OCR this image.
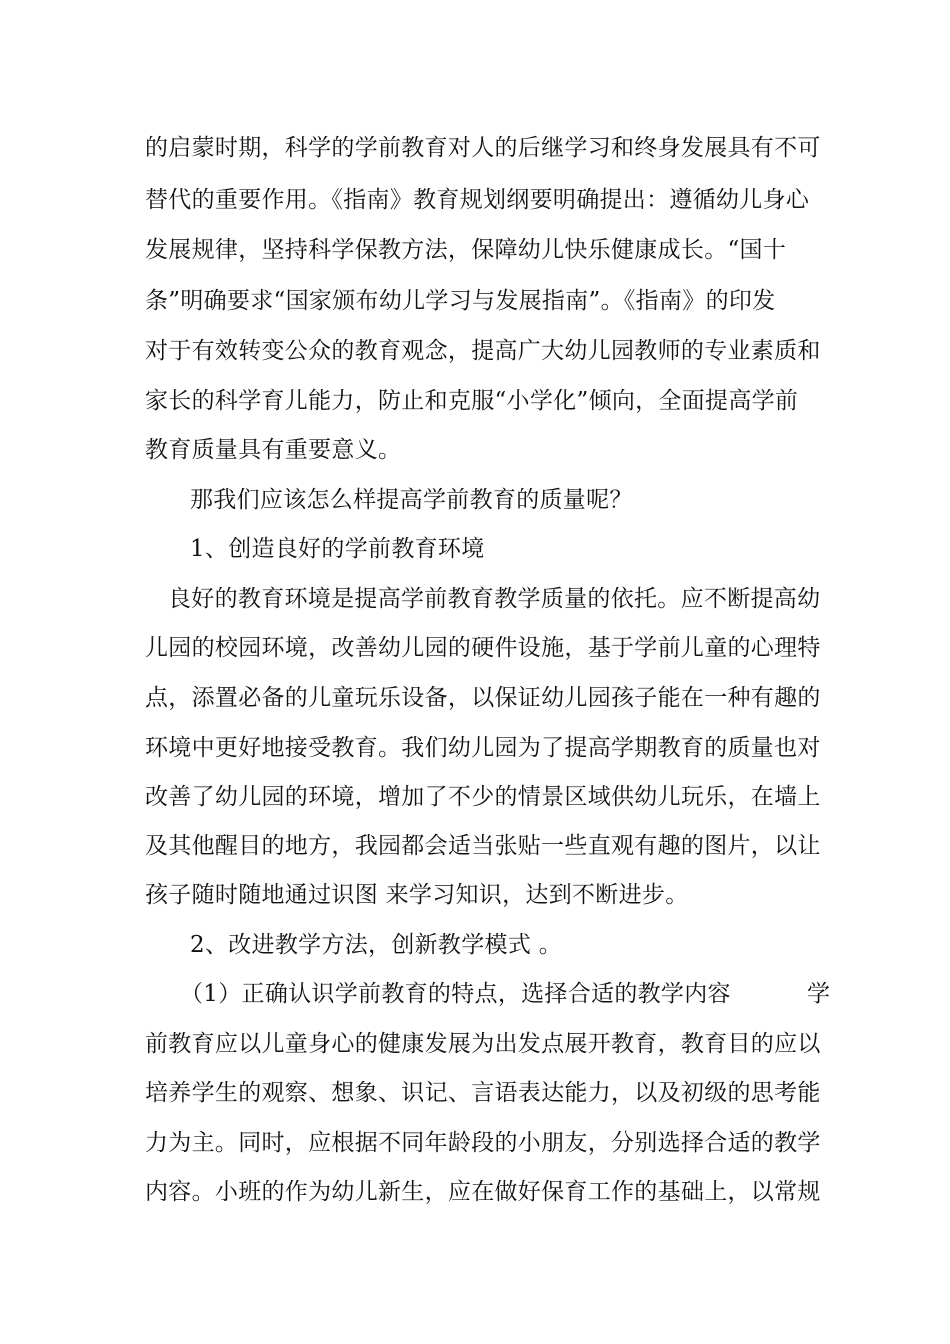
的启蒙时期，科学的学前教育对人的后继学习和终身发展具有不可
替代的重要作用。《指南》教育规划纲要明确提出：遵循幼儿身心
发展规律，坚持科学保教方法，保障幼儿快乐健康成长。“国十
条”明确要求“国家颁布幼儿学习与发展指南”。《指南》的印发
对于有效转变公众的教育观念，提高广大幼儿园教师的专业素质和
家长的科学育儿能力，防止和克服“小学化”倾向，全面提高学前
教育质量具有重要意义。
那我们应该怎么样提高学前教育的质量呢？
1、创造良好的学前教育环境
良好的教育环境是提高学前教育教学质量的依托。应不断提高幼
儿园的校园环境，改善幼儿园的硬件设施，基于学前儿童的心理特
点，添置必备的儿童玩乐设备，以保证幼儿园孩子能在一种有趣的
环境中更好地接受教育。我们幼儿园为了提高学期教育的质量也对
改善了幼儿园的环境，增加了不少的情景区域供幼儿玩乐，在墙上
及其他醒目的地方，我园都会适当张贴一些直观有趣的图片，以让
孩子随时随地通过识图 来学习知识，达到不断进步。
2、改进教学方法，创新教学模式 。
（1）正确认识学前教育的特点，选择合适的教学内容          学
前教育应以儿童身心的健康发展为出发点展开教育，教育目的应以
培养学生的观察、想象、识记、言语表达能力，以及初级的思考能
力为主。同时，应根据不同年龄段的小朋友，分别选择合适的教学
内容。小班的作为幼儿新生，应在做好保育工作的基础上，以常规
